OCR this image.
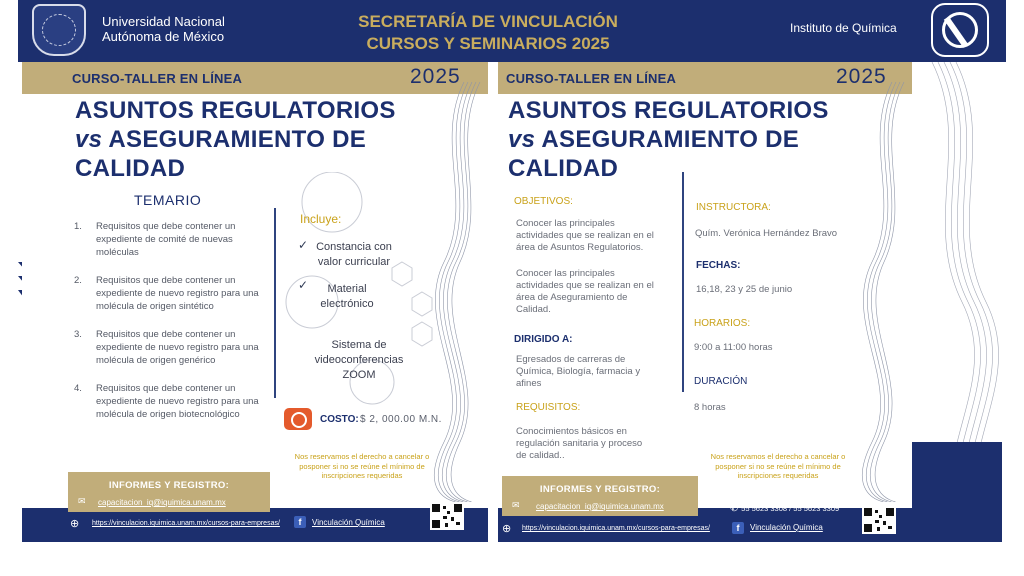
Universidad Nacional
Autónoma de México
SECRETARÍA DE VINCULACIÓN
CURSOS Y SEMINARIOS 2025
Instituto de Química
CURSO-TALLER EN LÍNEA	2025
ASUNTOS REGULATORIOS
vs ASEGURAMIENTO DE
CALIDAD
TEMARIO
1. Requisitos que debe contener un expediente de comité de nuevas moléculas
2. Requisitos que debe contener un expediente de nuevo registro para una molécula de origen sintético
3. Requisitos que debe contener un expediente de nuevo registro para una molécula de origen genérico
4. Requisitos que debe contener un expediente de nuevo registro para una molécula de origen biotecnológico
Incluye:
✓ Constancia con
valor curricular
✓	Material
electrónico
Sistema de
videoconferencias
ZOOM
COSTO: $ 2, 000.00 M.N.
Nos reservamos el derecho a cancelar o
posponer si no se reúne el mínimo de
inscripciones requeridas
INFORMES Y REGISTRO:
✉ capacitacion_iq@iquimica.unam.mx	✆ 55 5623 3308 / 55 5623 3309
f	Vinculación Química
⊕ https://vinculacion.iquimica.unam.mx/cursos-para-empresas/
CURSO-TALLER EN LÍNEA	2025
ASUNTOS REGULATORIOS
vs ASEGURAMIENTO DE
CALIDAD
OBJETIVOS:
Conocer las principales
actividades que se realizan en el
área de Asuntos Regulatorios.
Conocer las principales
actividades que se realizan en el
área de Aseguramiento de
Calidad.
DIRIGIDO A:
Egresados de carreras de
Química, Biología, farmacia y
afines
REQUISITOS:
Conocimientos básicos en
regulación sanitaria y proceso
de calidad..
INSTRUCTORA:
Quím. Verónica Hernández Bravo
FECHAS:
16,18, 23 y 25 de junio
HORARIOS:
9:00 a 11:00 horas
DURACIÓN
8 horas
Nos reservamos el derecho a cancelar o
posponer si no se reúne el mínimo de
inscripciones requeridas
INFORMES Y REGISTRO:
✉ capacitacion_iq@iquimica.unam.mx	✆ 55 5623 3308 / 55 5623 3309
f	Vinculación Química
⊕ https://vinculacion.iquimica.unam.mx/cursos-para-empresas/
